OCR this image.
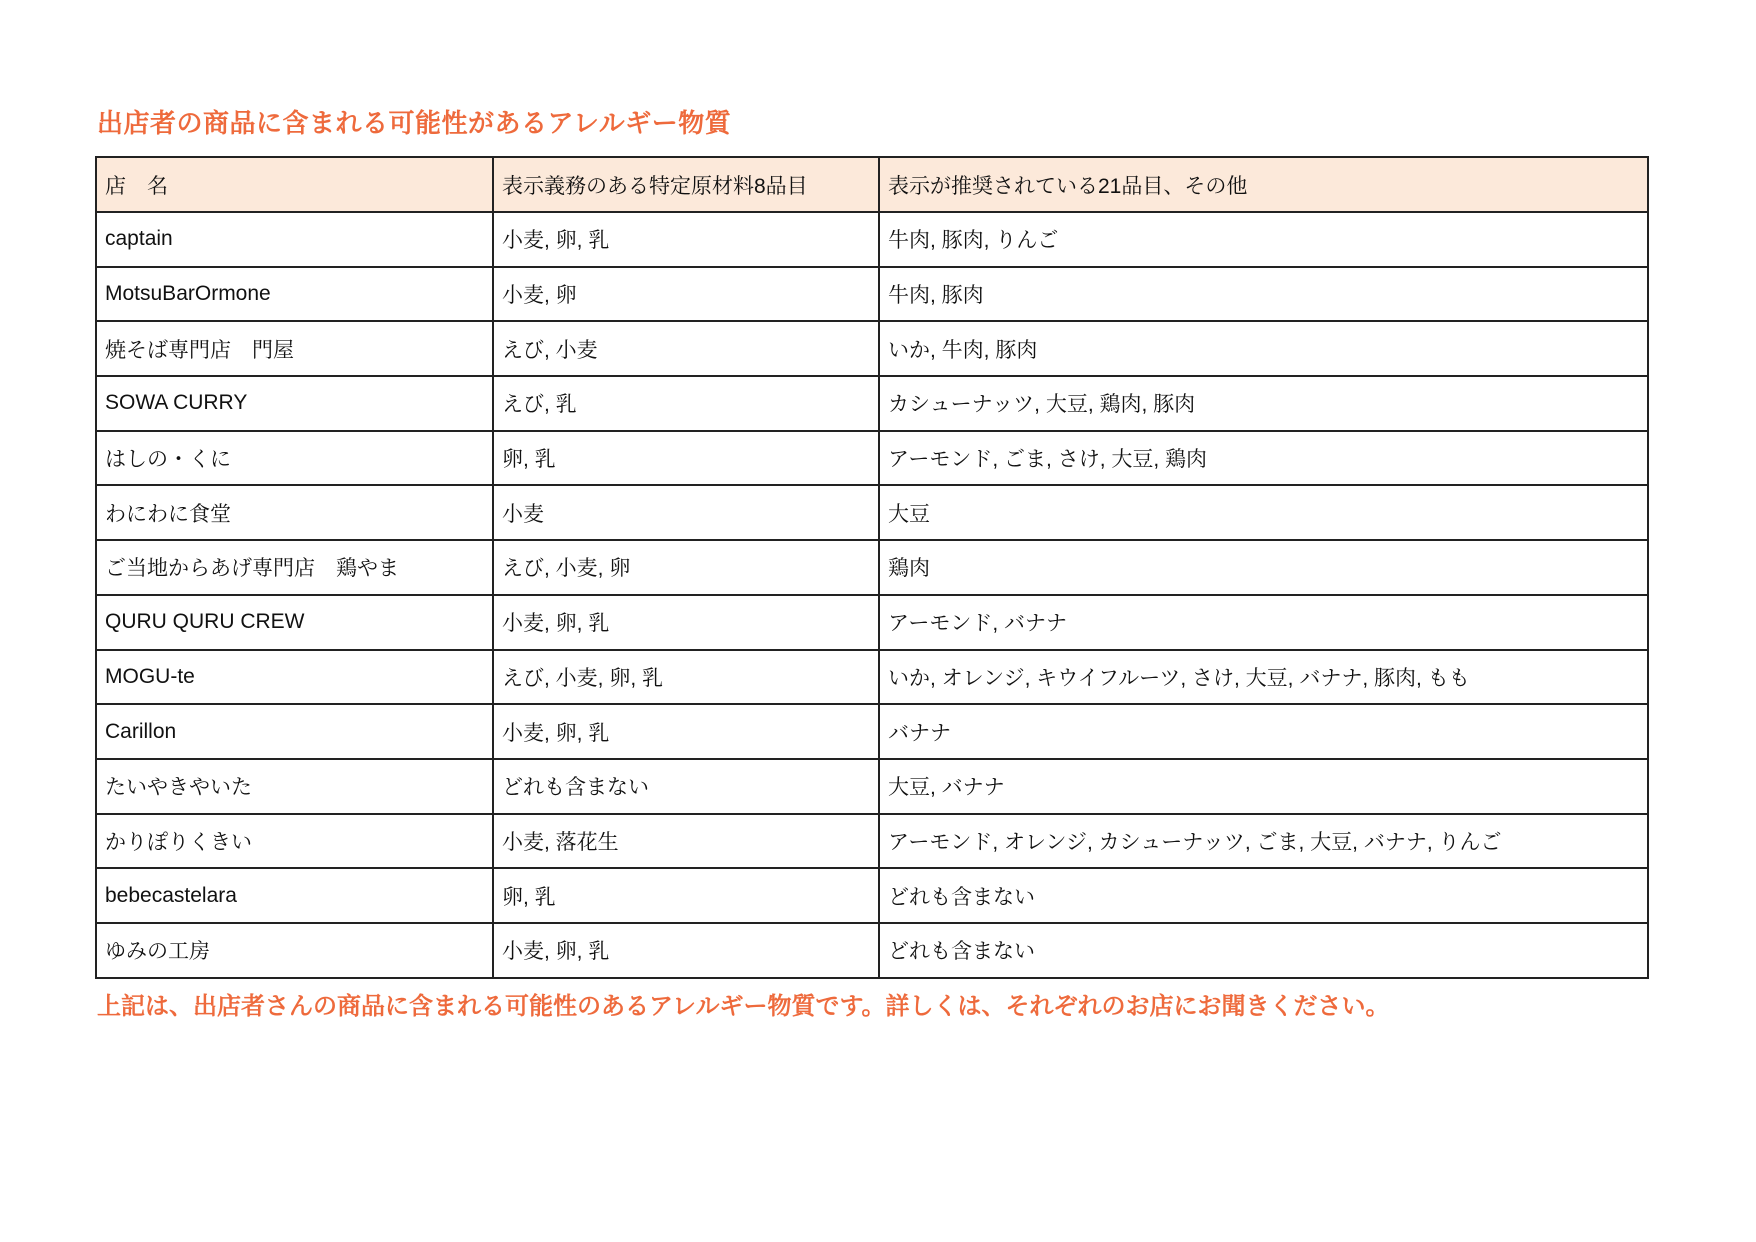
出店者の商品に含まれる可能性があるアレルギー物質
店　名	表示義務のある特定原材料8品目	表示が推奨されている21品目、その他
captain	小麦, 卵, 乳	牛肉, 豚肉, りんご
MotsuBarOrmone	小麦, 卵	牛肉, 豚肉
焼そば専門店　門屋	えび, 小麦	いか, 牛肉, 豚肉
SOWA CURRY	えび, 乳	カシューナッツ, 大豆, 鶏肉, 豚肉
はしの・くに	卵, 乳	アーモンド, ごま, さけ, 大豆, 鶏肉
わにわに食堂	小麦	大豆
ご当地からあげ専門店　鶏やま	えび, 小麦, 卵	鶏肉
QURU QURU CREW	小麦, 卵, 乳	アーモンド, バナナ
MOGU-te	えび, 小麦, 卵, 乳	いか, オレンジ, キウイフルーツ, さけ, 大豆, バナナ, 豚肉, もも
Carillon	小麦, 卵, 乳	バナナ
たいやきやいた	どれも含まない	大豆, バナナ
かりぽりくきい	小麦, 落花生	アーモンド, オレンジ, カシューナッツ, ごま, 大豆, バナナ, りんご
bebecastelara	卵, 乳	どれも含まない
ゆみの工房	小麦, 卵, 乳	どれも含まない
上記は、出店者さんの商品に含まれる可能性のあるアレルギー物質です。詳しくは、それぞれのお店にお聞きください。
